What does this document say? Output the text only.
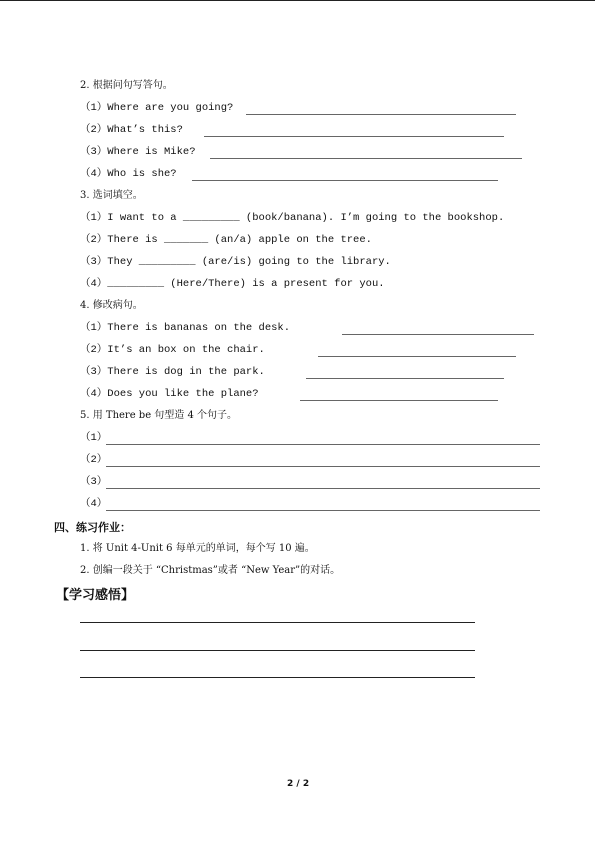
2. 根据问句写答句。
（1）Where are you going?
（2）What’s this?
（3）Where is Mike?
（4）Who is she?
3. 选词填空。
（1）I want to a _________ (book/banana). I’m going to the bookshop.
（2）There is _______ (an/a) apple on the tree.
（3）They _________ (are/is) going to the library.
（4）_________ (Here/There) is a present for you.
4. 修改病句。
（1）There is bananas on the desk.
（2）It’s an box on the chair.
（3）There is dog in the park.
（4）Does you like the plane?
5. 用 There be 句型造 4 个句子。
（1）
（2）
（3）
（4）
四、练习作业：
1. 将 Unit 4-Unit 6 每单元的单词，每个写 10 遍。
2. 创编一段关于 “Christmas”或者 “New Year”的对话。
【学习感悟】
2 / 2
